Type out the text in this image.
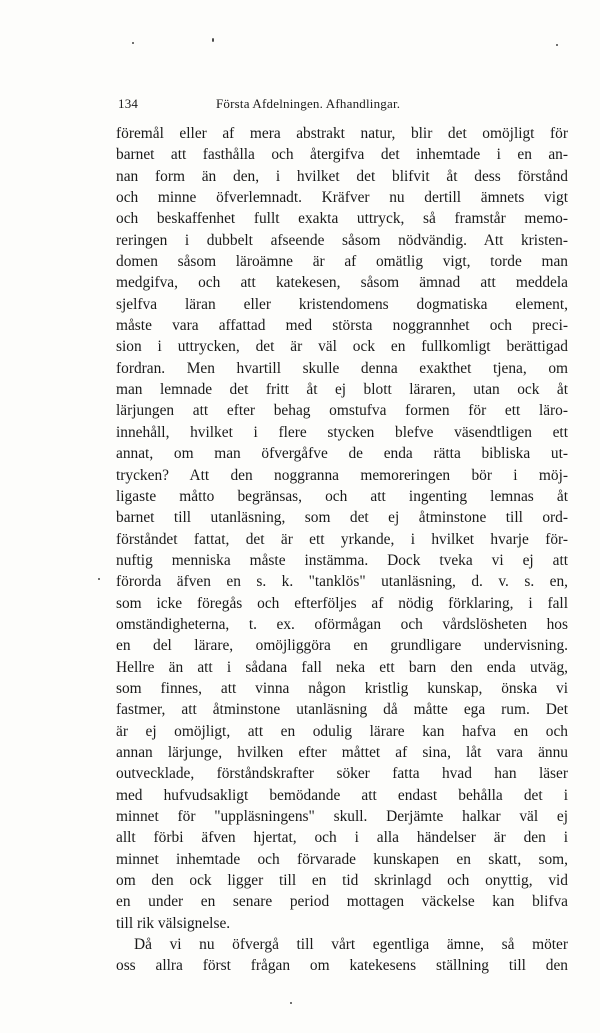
134	Första Afdelningen. Afhandlingar.
föremål eller af mera abstrakt natur, blir det omöjligt för
barnet att fasthålla och återgifva det inhemtade i en an-
nan form än den, i hvilket det blifvit åt dess förstånd
och minne öfverlemnadt. Kräfver nu dertill ämnets vigt
och beskaffenhet fullt exakta uttryck, så framstår memo-
reringen i dubbelt afseende såsom nödvändig. Att kristen-
domen såsom läroämne är af omätlig vigt, torde man
medgifva, och att katekesen, såsom ämnad att meddela
sjelfva läran eller kristendomens dogmatiska element,
måste vara affattad med största noggrannhet och preci-
sion i uttrycken, det är väl ock en fullkomligt berättigad
fordran. Men hvartill skulle denna exakthet tjena, om
man lemnade det fritt åt ej blott läraren, utan ock åt
lärjungen att efter behag omstufva formen för ett läro-
innehåll, hvilket i flere stycken blefve väsendtligen ett
annat, om man öfvergåfve de enda rätta bibliska ut-
trycken? Att den noggranna memoreringen bör i möj-
ligaste måtto begränsas, och att ingenting lemnas åt
barnet till utanläsning, som det ej åtminstone till ord-
förståndet fattat, det är ett yrkande, i hvilket hvarje för-
nuftig menniska måste instämma. Dock tveka vi ej att
förorda äfven en s. k. "tanklös" utanläsning, d. v. s. en,
som icke föregås och efterföljes af nödig förklaring, i fall
omständigheterna, t. ex. oförmågan och vårdslösheten hos
en del lärare, omöjliggöra en grundligare undervisning.
Hellre än att i sådana fall neka ett barn den enda utväg,
som finnes, att vinna någon kristlig kunskap, önska vi
fastmer, att åtminstone utanläsning då måtte ega rum. Det
är ej omöjligt, att en odulig lärare kan hafva en och
annan lärjunge, hvilken efter måttet af sina, låt vara ännu
outvecklade, förståndskrafter söker fatta hvad han läser
med hufvudsakligt bemödande att endast behålla det i
minnet för "uppläsningens" skull. Derjämte halkar väl ej
allt förbi äfven hjertat, och i alla händelser är den i
minnet inhemtade och förvarade kunskapen en skatt, som,
om den ock ligger till en tid skrinlagd och onyttig, vid
en under en senare period mottagen väckelse kan blifva
till rik välsignelse.
Då vi nu öfvergå till vårt egentliga ämne, så möter
oss allra först frågan om katekesens ställning till den
